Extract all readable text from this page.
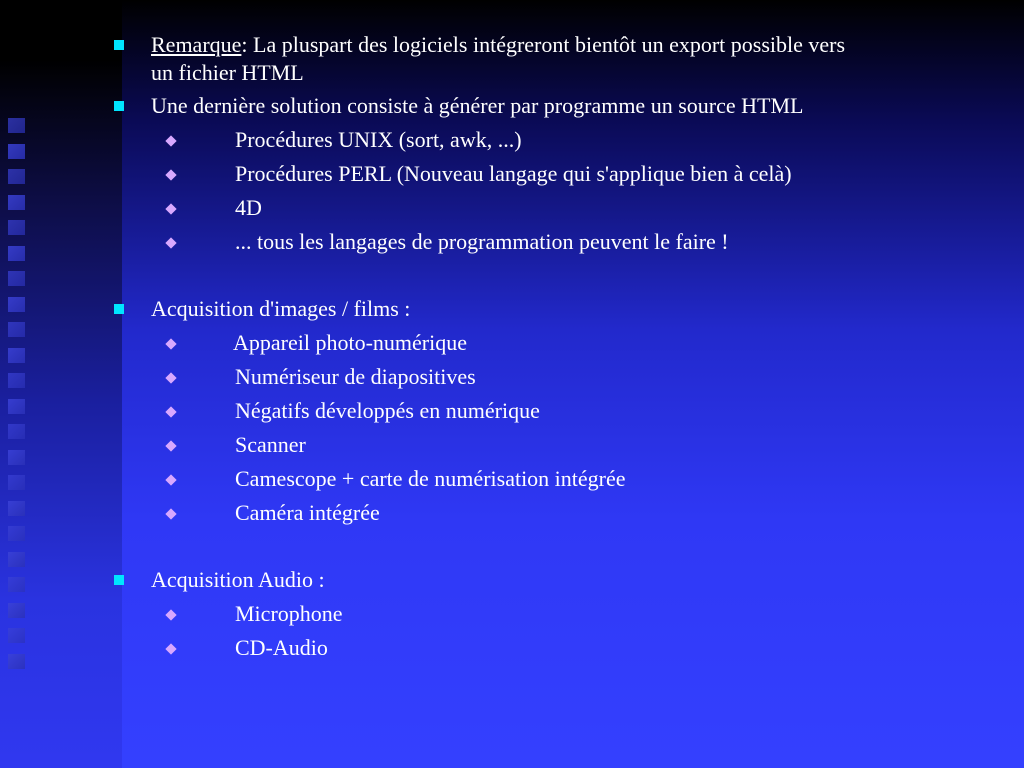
Remarque: La pluspart des logiciels intégreront bientôt un export possible vers
un fichier HTML
Une dernière solution consiste à générer par programme un source HTML
Procédures UNIX (sort, awk, ...)
Procédures PERL (Nouveau langage qui s'applique bien à celà)
4D
... tous les langages de programmation peuvent le faire !
Acquisition d'images / films :
Appareil photo-numérique
Numériseur de diapositives
Négatifs développés en numérique
Scanner
Camescope + carte de numérisation intégrée
Caméra intégrée
Acquisition Audio :
Microphone
CD-Audio
